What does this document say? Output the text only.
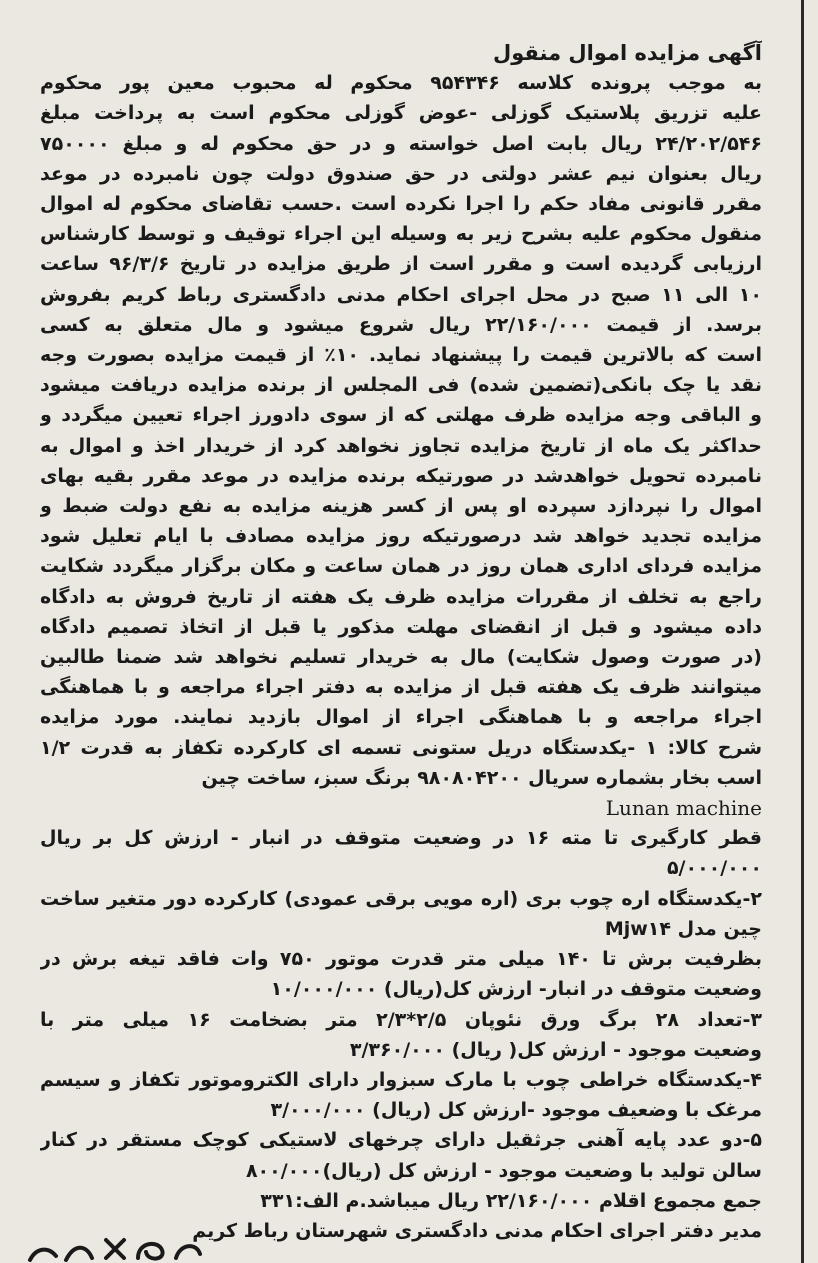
آگهی مزایده اموال منقول
به موجب پرونده کلاسه ۹۵۴۳۴۶ محکوم له محبوب معین پور محکوم
علیه تزریق پلاستیک گوزلی -عوض گوزلی محکوم است به پرداخت مبلغ
۲۴/۲۰۲/۵۴۶ ریال بابت اصل خواسته و در حق محکوم له و مبلغ ۷۵۰۰۰۰
ریال بعنوان نیم عشر دولتی در حق صندوق دولت چون نامبرده در موعد
مقرر قانونی مفاد حکم را اجرا نکرده است .حسب تقاضای محکوم له اموال
منقول محکوم علیه بشرح زیر به وسیله این اجراء توقیف و توسط کارشناس
ارزیابی گردیده است و مقرر است از طریق مزایده در تاریخ ۹۶/۳/۶ ساعت
۱۰ الی ۱۱ صبح در محل اجرای احکام مدنی دادگستری رباط کریم بفروش
برسد. از قیمت ۲۲/۱۶۰/۰۰۰ ریال شروع میشود و مال متعلق به کسی
است که بالاترین قیمت را پیشنهاد نماید. ۱۰٪ از قیمت مزایده بصورت وجه
نقد یا چک بانکی(تضمین شده) فی المجلس از برنده مزایده دریافت میشود
و الباقی وجه مزایده ظرف مهلتی که از سوی دادورز اجراء تعیین میگردد و
حداکثر یک ماه از تاریخ مزایده تجاوز نخواهد کرد از خریدار اخذ و اموال به
نامبرده تحویل خواهدشد در صورتیکه برنده مزایده در موعد مقرر بقیه بهای
اموال را نپردازد سپرده او پس از کسر هزینه مزایده به نفع دولت ضبط و
مزایده تجدید خواهد شد درصورتیکه روز مزایده مصادف با ایام تعلیل شود
مزایده فردای اداری همان روز در همان ساعت و مکان برگزار میگردد شکایت
راجع به تخلف از مقررات مزایده ظرف یک هفته از تاریخ فروش به دادگاه
داده میشود و قبل از انقضای مهلت مذکور یا قبل از اتخاذ تصمیم دادگاه
(در صورت وصول شکایت) مال به خریدار تسلیم نخواهد شد ضمنا طالبین
میتوانند ظرف یک هفته قبل از مزایده به دفتر اجراء مراجعه و با هماهنگی
اجراء مراجعه و با هماهنگی اجراء از اموال بازدید نمایند. مورد مزایده
شرح کالا: ۱ -یکدستگاه دریل ستونی تسمه ای کارکرده تکفاز به قدرت ۱/۲
اسب بخار بشماره سریال ۹۸۰۸۰۴۲۰۰ برنگ سبز، ساخت چین
Lunan machine
قطر کارگیری تا مته ۱۶ در وضعیت متوقف در انبار - ارزش کل بر ریال
۵/۰۰۰/۰۰۰
۲-یکدستگاه اره چوب بری (اره مویی برقی عمودی) کارکرده دور متغیر ساخت
چین مدل Mjw۱۴
بظرفیت برش تا ۱۴۰ میلی متر قدرت موتور ۷۵۰ وات فاقد تیغه برش در
وضعیت متوقف در انبار- ارزش کل(ریال) ۱۰/۰۰۰/۰۰۰
۳-تعداد ۲۸ برگ ورق نئوپان ۲/۵*۲/۳ متر بضخامت ۱۶ میلی متر با
وضعیت موجود - ارزش کل( ریال) ۳/۳۶۰/۰۰۰
۴-یکدستگاه خراطی چوب با مارک سبزوار دارای الکتروموتور تکفاز و سیسم
مرغک با وضعیف موجود -ارزش کل (ریال) ۳/۰۰۰/۰۰۰
۵-دو عدد پایه آهنی جرثقیل دارای چرخهای لاستیکی کوچک مستقر در کنار
سالن تولید با وضعیت موجود - ارزش کل (ریال)۸۰۰/۰۰۰
جمع مجموع اقلام ۲۲/۱۶۰/۰۰۰ ریال میباشد.م الف:۳۳۱
مدیر دفتر اجرای احکام مدنی دادگستری شهرستان رباط کریم
